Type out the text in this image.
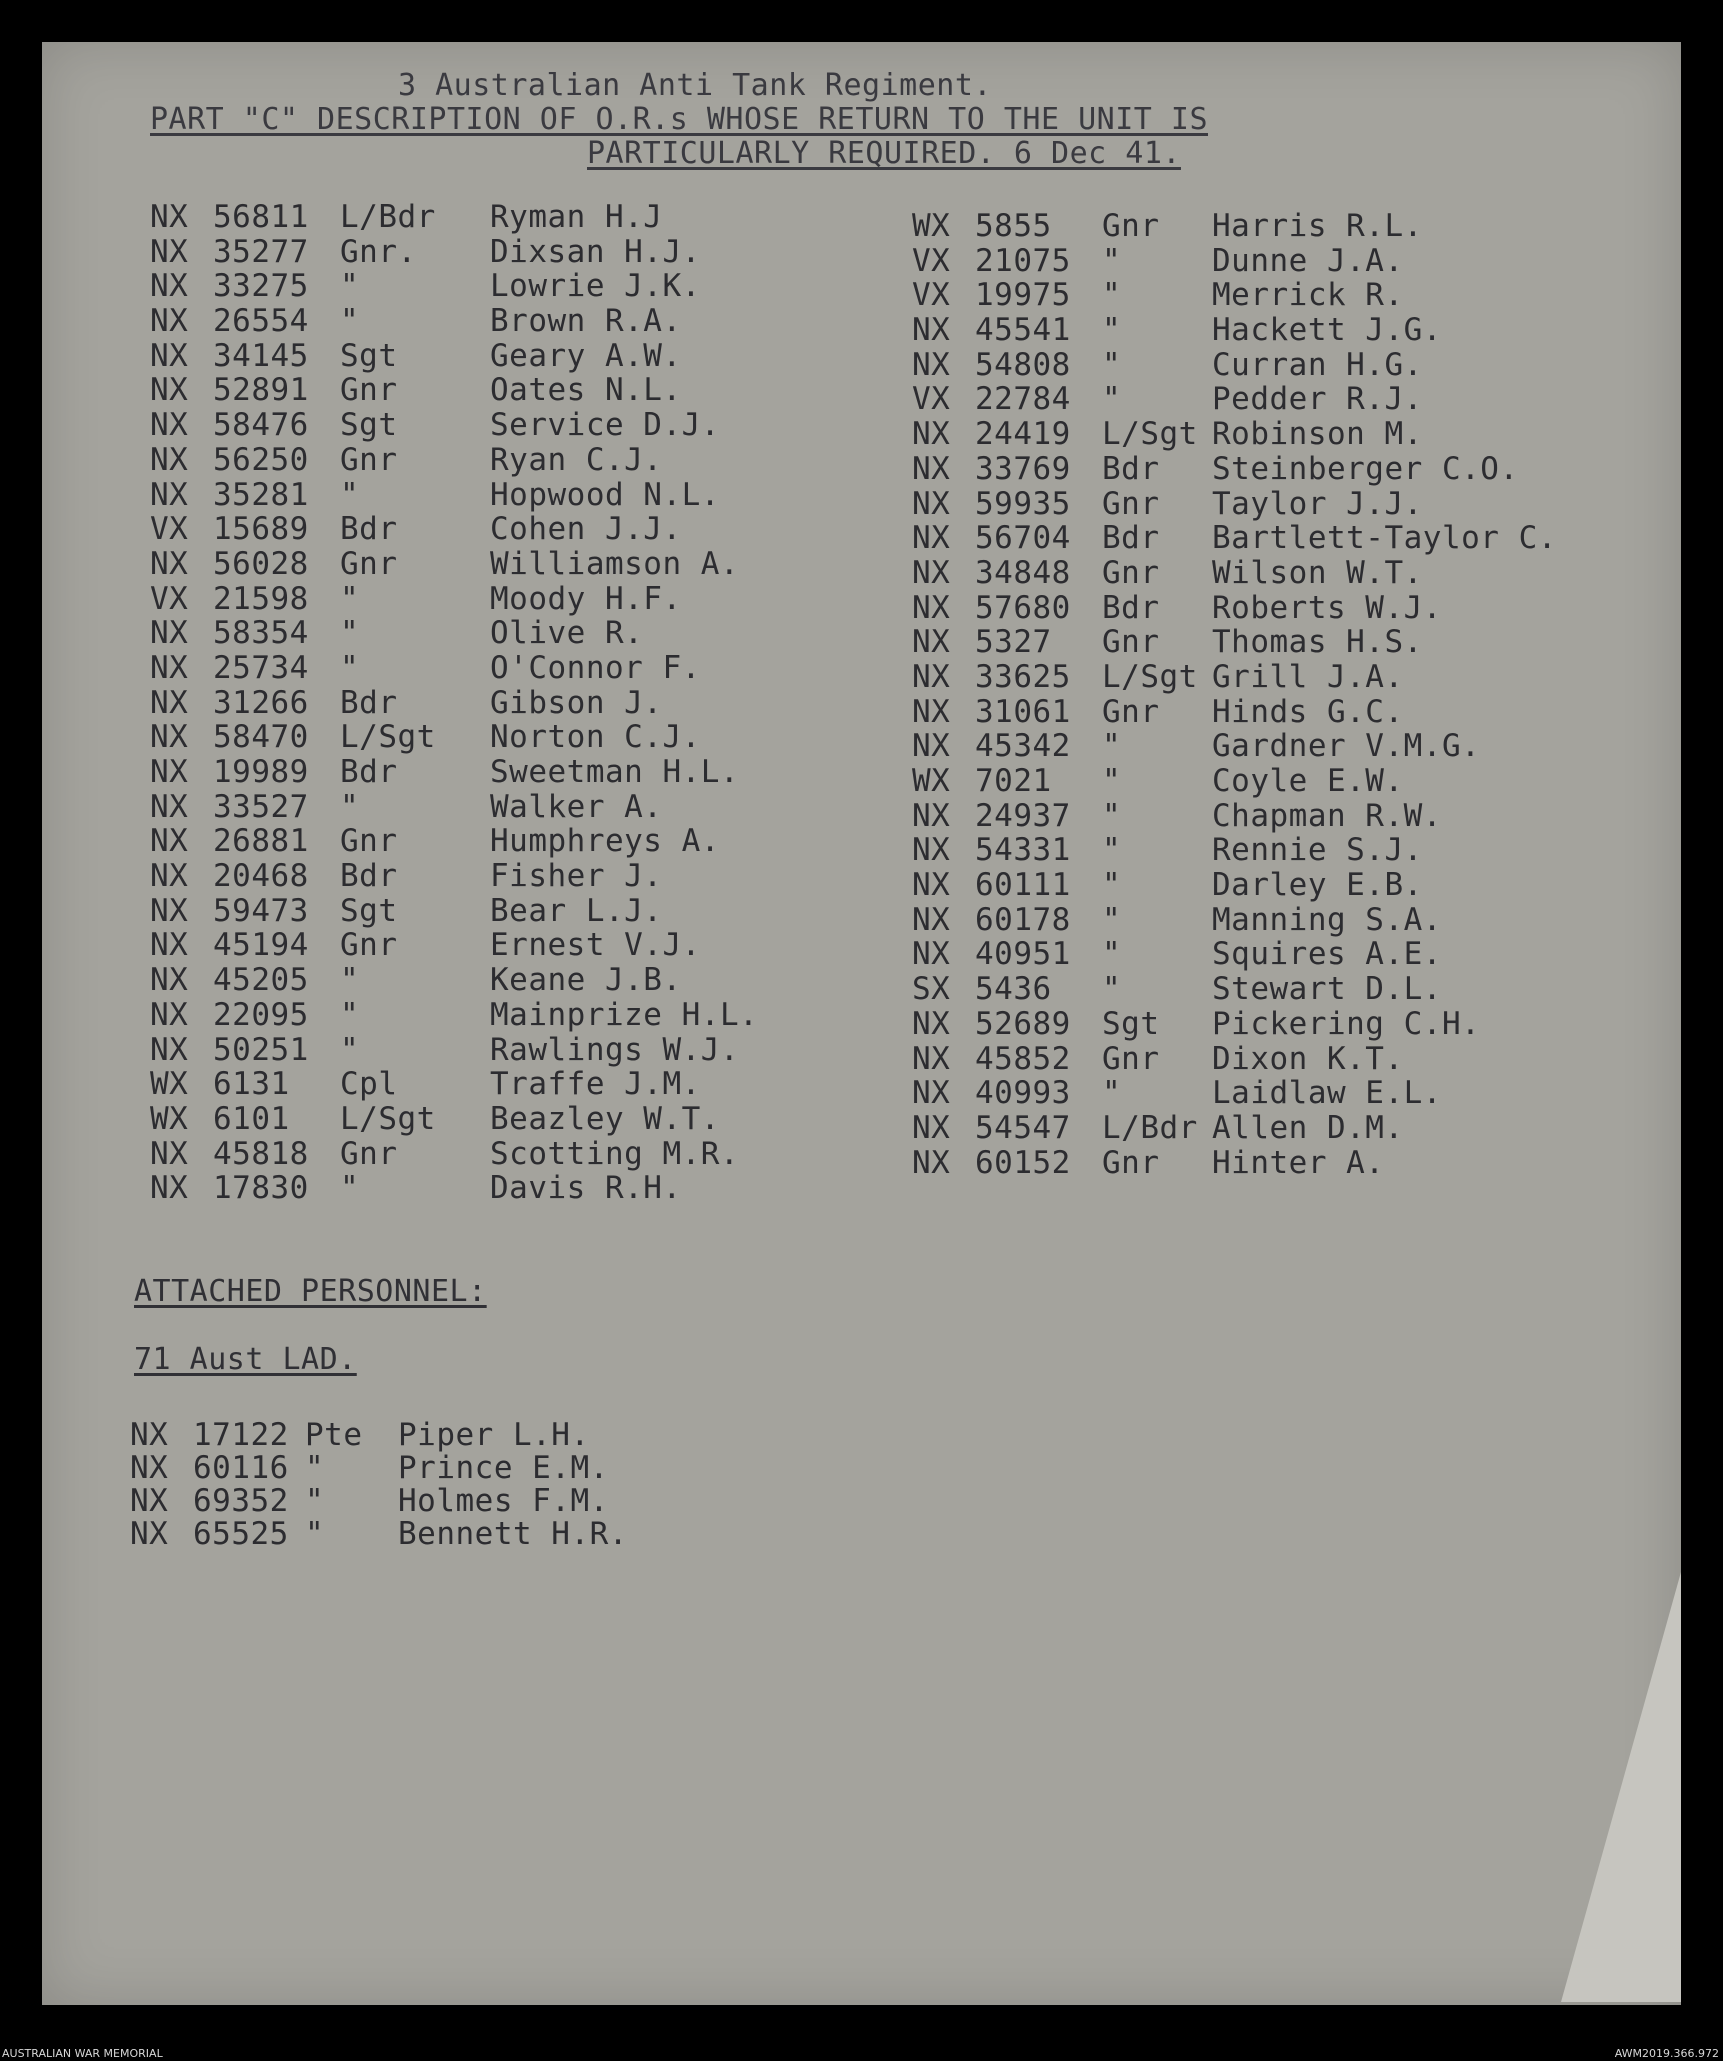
3 Australian Anti Tank Regiment.
PART "C" DESCRIPTION OF O.R.s WHOSE RETURN TO THE UNIT IS
PARTICULARLY REQUIRED. 6 Dec 41.
NX 56811 L/Bdr Ryman H.J
NX 35277 Gnr. Dixsan H.J.
NX 33275 "	Lowrie J.K.
NX 26554 "	Brown R.A.
NX 34145 Sgt	Geary A.W.
NX 52891 Gnr	Oates N.L.
NX 58476 Sgt	Service D.J.
NX 56250 Gnr	Ryan C.J.
NX 35281 "	Hopwood N.L.
VX 15689 Bdr	Cohen J.J.
NX 56028 Gnr	Williamson A.
VX 21598 "	Moody H.F.
NX 58354 "	Olive R.
NX 25734 "	O'Connor F.
NX 31266 Bdr	Gibson J.
NX 58470 L/Sgt Norton C.J.
NX 19989 Bdr	Sweetman H.L.
NX 33527 "	Walker A.
NX 26881 Gnr	Humphreys A.
NX 20468 Bdr	Fisher J.
NX 59473 Sgt	Bear L.J.
NX 45194 Gnr	Ernest V.J.
NX 45205 "	Keane J.B.
NX 22095 "	Mainprize H.L.
NX 50251 "	Rawlings W.J.
WX 6131 Cpl	Traffe J.M.
WX 6101 L/Sgt Beazley W.T.
NX 45818 Gnr	Scotting M.R.
NX 17830 "	Davis R.H.
WX 5855 Gnr Harris R.L.
VX 21075 "	Dunne J.A.
VX 19975 "	Merrick R.
NX 45541 "	Hackett J.G.
NX 54808 "	Curran H.G.
VX 22784 "	Pedder R.J.
NX 24419 L/Sgt Robinson M.
NX 33769 Bdr Steinberger C.O.
NX 59935 Gnr Taylor J.J.
NX 56704 Bdr Bartlett-Taylor C.
NX 34848 Gnr Wilson W.T.
NX 57680 Bdr Roberts W.J.
NX 5327 Gnr Thomas H.S.
NX 33625 L/Sgt Grill J.A.
NX 31061 Gnr Hinds G.C.
NX 45342 "	Gardner V.M.G.
WX 7021 "	Coyle E.W.
NX 24937 "	Chapman R.W.
NX 54331 "	Rennie S.J.
NX 60111 "	Darley E.B.
NX 60178 "	Manning S.A.
NX 40951 "	Squires A.E.
SX 5436 "	Stewart D.L.
NX 52689 Sgt Pickering C.H.
NX 45852 Gnr Dixon K.T.
NX 40993 "	Laidlaw E.L.
NX 54547 L/Bdr Allen D.M.
NX 60152 Gnr Hinter A.
ATTACHED PERSONNEL:
71 Aust LAD.
NX 17122 Pte Piper L.H.
NX 60116 " Prince E.M.
NX 69352 " Holmes F.M.
NX 65525 " Bennett H.R.
AUSTRALIAN WAR MEMORIAL	AWM2019.366.972
